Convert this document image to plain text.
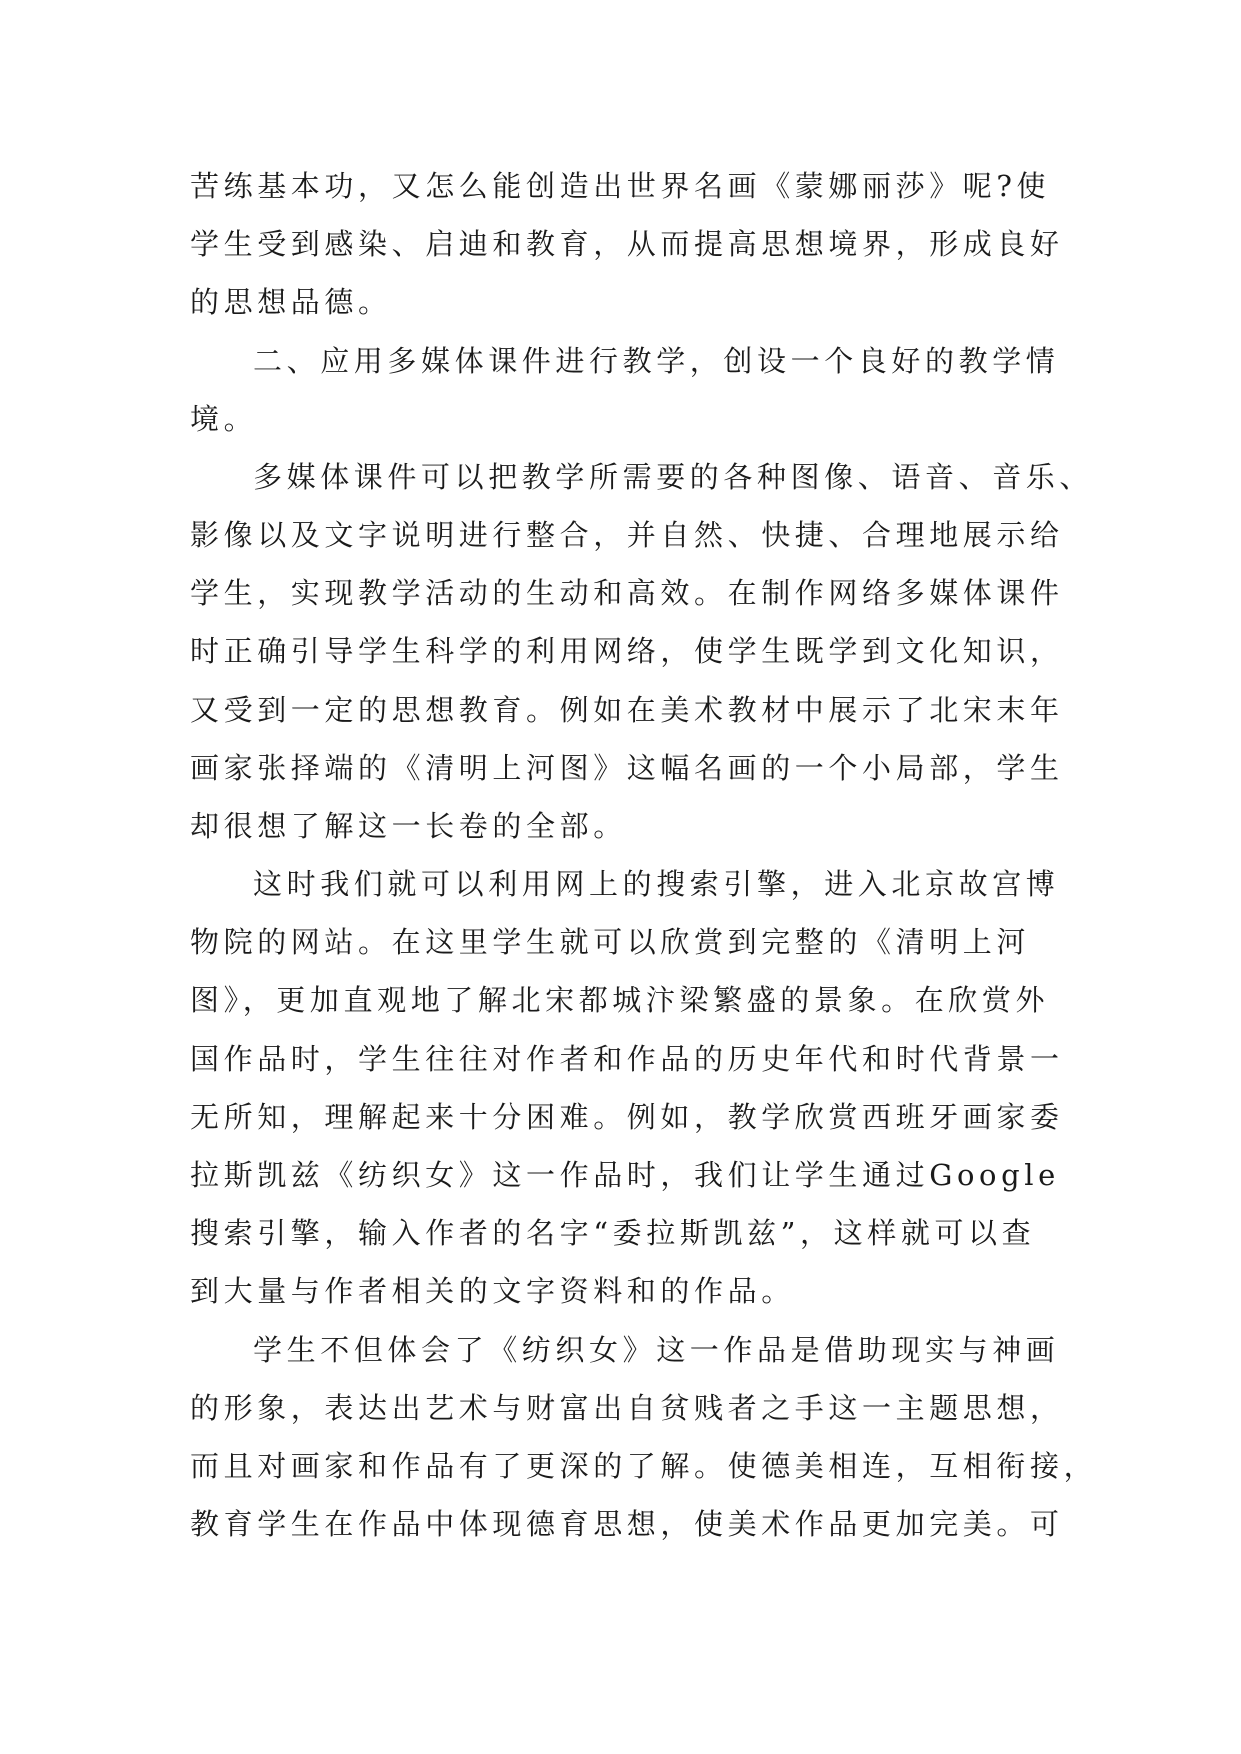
苦练基本功，又怎么能创造出世界名画《蒙娜丽莎》呢?使
学生受到感染、启迪和教育，从而提高思想境界，形成良好
的思想品德。
二、应用多媒体课件进行教学，创设一个良好的教学情
境。
多媒体课件可以把教学所需要的各种图像、语音、音乐、
影像以及文字说明进行整合，并自然、快捷、合理地展示给
学生，实现教学活动的生动和高效。在制作网络多媒体课件
时正确引导学生科学的利用网络，使学生既学到文化知识，
又受到一定的思想教育。例如在美术教材中展示了北宋末年
画家张择端的《清明上河图》这幅名画的一个小局部，学生
却很想了解这一长卷的全部。
这时我们就可以利用网上的搜索引擎，进入北京故宫博
物院的网站。在这里学生就可以欣赏到完整的《清明上河
图》，更加直观地了解北宋都城汴梁繁盛的景象。在欣赏外
国作品时，学生往往对作者和作品的历史年代和时代背景一
无所知，理解起来十分困难。例如，教学欣赏西班牙画家委
拉斯凯兹《纺织女》这一作品时，我们让学生通过Google
搜索引擎，输入作者的名字“委拉斯凯兹”，这样就可以查
到大量与作者相关的文字资料和的作品。
学生不但体会了《纺织女》这一作品是借助现实与神画
的形象，表达出艺术与财富出自贫贱者之手这一主题思想，
而且对画家和作品有了更深的了解。使德美相连，互相衔接，
教育学生在作品中体现德育思想，使美术作品更加完美。可
